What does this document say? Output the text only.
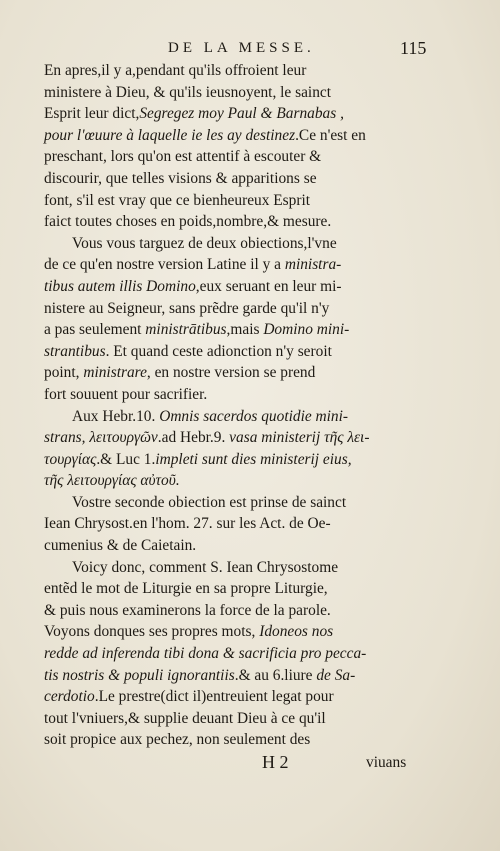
DE LA MESSE.	115
En apres,il y a,pendant qu'ils offroient leur
ministere à Dieu, & qu'ils ieusnoyent, le sainct
Esprit leur dict,Segregez moy Paul & Barnabas ,
pour l'œuure à laquelle ie les ay destinez.Ce n'est en
preschant, lors qu'on est attentif à escouter &
discourir, que telles visions & apparitions se
font, s'il est vray que ce bienheureux Esprit
faict toutes choses en poids,nombre,& mesure.
Vous vous targuez de deux obiections,l'vne
de ce qu'en nostre version Latine il y a ministra-
tibus autem illis Domino,eux seruant en leur mi-
nistere au Seigneur, sans prẽdre garde qu'il n'y
a pas seulement ministrātibus,mais Domino mini-
strantibus. Et quand ceste adionction n'y seroit
point, ministrare, en nostre version se prend
fort souuent pour sacrifier.
Aux Hebr.10. Omnis sacerdos quotidie mini-
strans, λειτουργῶν.ad Hebr.9. vasa ministerij τῆς λει-
τουργίας.& Luc 1.impleti sunt dies ministerij eius,
τῆς λειτουργίας αὐτοῦ.
Vostre seconde obiection est prinse de sainct
Iean Chrysost.en l'hom. 27. sur les Act. de Oe-
cumenius & de Caietain.
Voicy donc, comment S. Iean Chrysostome
entẽd le mot de Liturgie en sa propre Liturgie,
& puis nous examinerons la force de la parole.
Voyons donques ses propres mots, Idoneos nos
redde ad inferenda tibi dona & sacrificia pro pecca-
tis nostris & populi ignorantiis.& au 6.liure de Sa-
cerdotio.Le prestre(dict il)entreuient legat pour
tout l'vniuers,& supplie deuant Dieu à ce qu'il
soit propice aux pechez, non seulement des
H 2	viuans
